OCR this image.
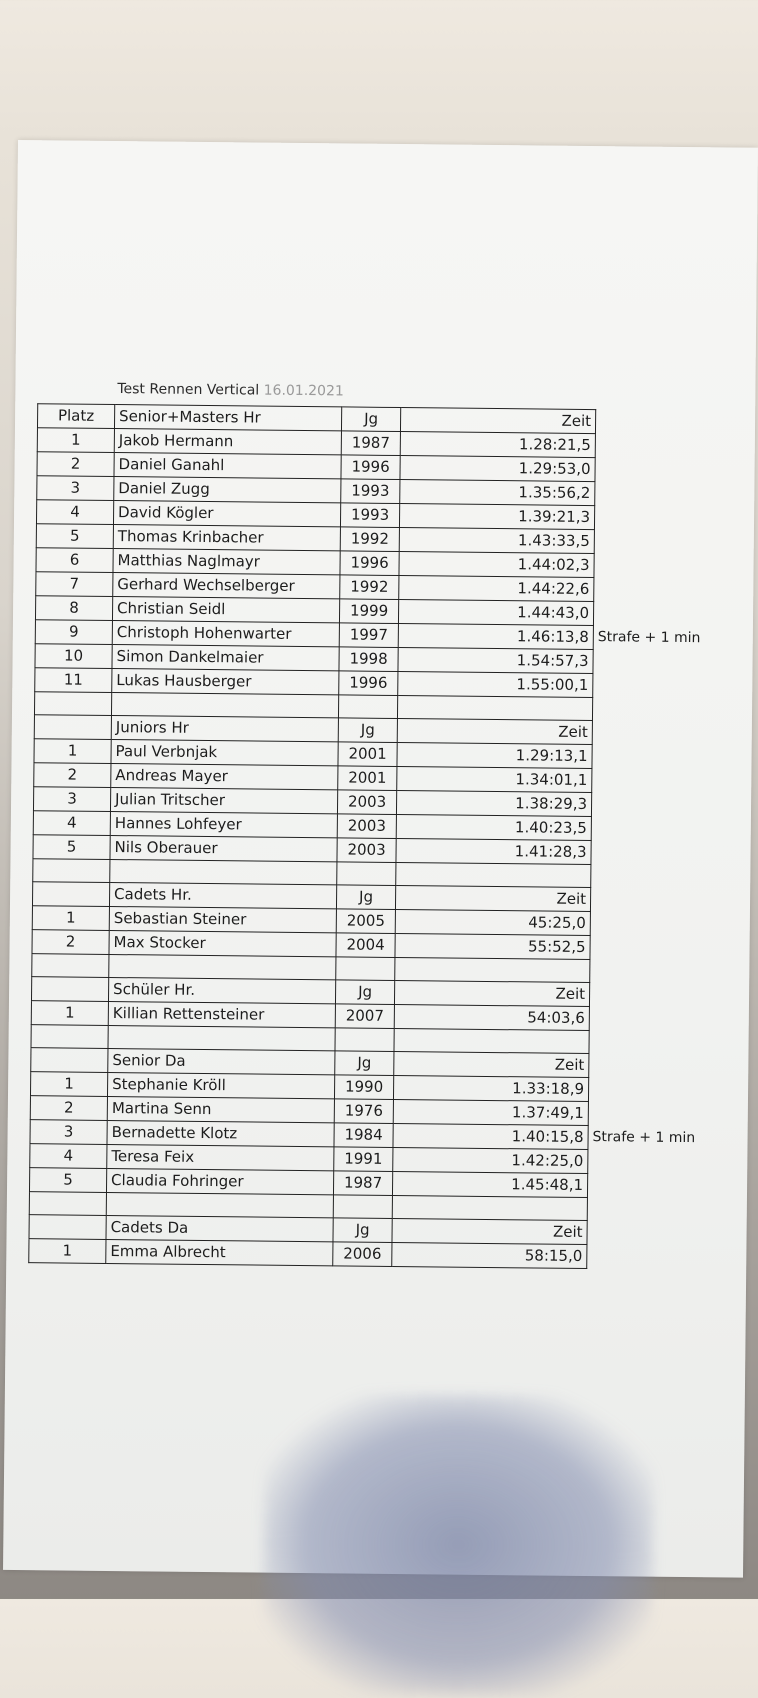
Test Rennen Vertical 16.01.2021
Platz	Senior+Masters Hr	Jg	Zeit	
1	Jakob Hermann	1987	1.28:21,5	
2	Daniel Ganahl	1996	1.29:53,0	
3	Daniel Zugg	1993	1.35:56,2	
4	David Kögler	1993	1.39:21,3	
5	Thomas Krinbacher	1992	1.43:33,5	
6	Matthias Naglmayr	1996	1.44:02,3	
7	Gerhard Wechselberger	1992	1.44:22,6	
8	Christian Seidl	1999	1.44:43,0	
9	Christoph Hohenwarter	1997	1.46:13,8	Strafe + 1 min
10	Simon Dankelmaier	1998	1.54:57,3	
11	Lukas Hausberger	1996	1.55:00,1	

	Juniors Hr	Jg	Zeit	
1	Paul Verbnjak	2001	1.29:13,1	
2	Andreas Mayer	2001	1.34:01,1	
3	Julian Tritscher	2003	1.38:29,3	
4	Hannes Lohfeyer	2003	1.40:23,5	
5	Nils Oberauer	2003	1.41:28,3	

	Cadets Hr.	Jg	Zeit	
1	Sebastian Steiner	2005	45:25,0	
2	Max Stocker	2004	55:52,5	

	Schüler Hr.	Jg	Zeit	
1	Killian Rettensteiner	2007	54:03,6	

	Senior Da	Jg	Zeit	
1	Stephanie Kröll	1990	1.33:18,9	
2	Martina Senn	1976	1.37:49,1	
3	Bernadette Klotz	1984	1.40:15,8	Strafe + 1 min
4	Teresa Feix	1991	1.42:25,0	
5	Claudia Fohringer	1987	1.45:48,1	

	Cadets Da	Jg	Zeit	
1	Emma Albrecht	2006	58:15,0	
